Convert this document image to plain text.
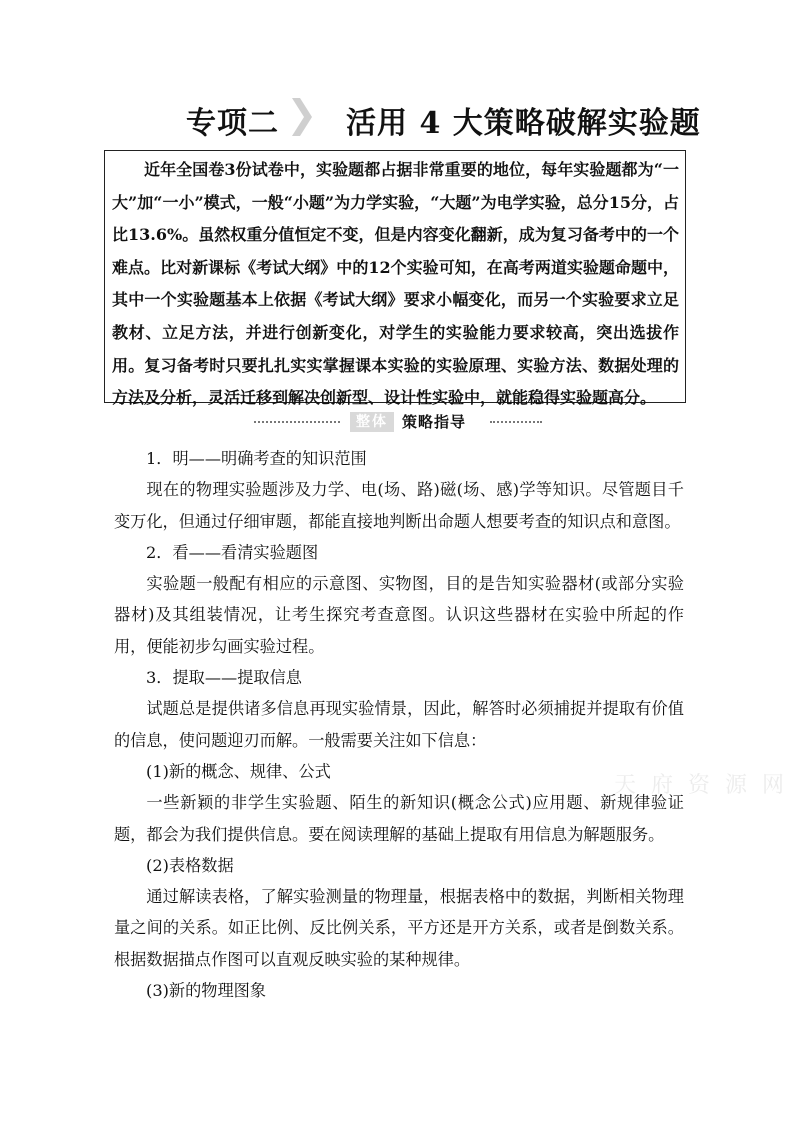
专项二 活用 4 大策略破解实验题

近年全国卷3份试卷中，实验题都占据非常重要的地位，每年实验题都为“一大”加“一小”模式，一般“小题”为力学实验，“大题”为电学实验，总分15分，占比13.6%。虽然权重分值恒定不变，但是内容变化翻新，成为复习备考中的一个难点。比对新课标《考试大纲》中的12个实验可知，在高考两道实验题命题中，其中一个实验题基本上依据《考试大纲》要求小幅变化，而另一个实验要求立足教材、立足方法，并进行创新变化，对学生的实验能力要求较高，突出选拔作用。复习备考时只要扎扎实实掌握课本实验的实验原理、实验方法、数据处理的方法及分析，灵活迁移到解决创新型、设计性实验中，就能稳得实验题高分。

整体 策略指导

1．明——明确考查的知识范围

现在的物理实验题涉及力学、电(场、路)磁(场、感)学等知识。尽管题目千变万化，但通过仔细审题，都能直接地判断出命题人想要考查的知识点和意图。

2．看——看清实验题图

实验题一般配有相应的示意图、实物图，目的是告知实验器材(或部分实验器材)及其组装情况，让考生探究考查意图。认识这些器材在实验中所起的作用，便能初步勾画实验过程。

3．提取——提取信息

试题总是提供诸多信息再现实验情景，因此，解答时必须捕捉并提取有价值的信息，使问题迎刃而解。一般需要关注如下信息：

(1)新的概念、规律、公式

一些新颖的非学生实验题、陌生的新知识(概念公式)应用题、新规律验证题，都会为我们提供信息。要在阅读理解的基础上提取有用信息为解题服务。

(2)表格数据

通过解读表格，了解实验测量的物理量，根据表格中的数据，判断相关物理量之间的关系。如正比例、反比例关系，平方还是开方关系，或者是倒数关系。根据数据描点作图可以直观反映实验的某种规律。

(3)新的物理图象

天 府 资 源 网
